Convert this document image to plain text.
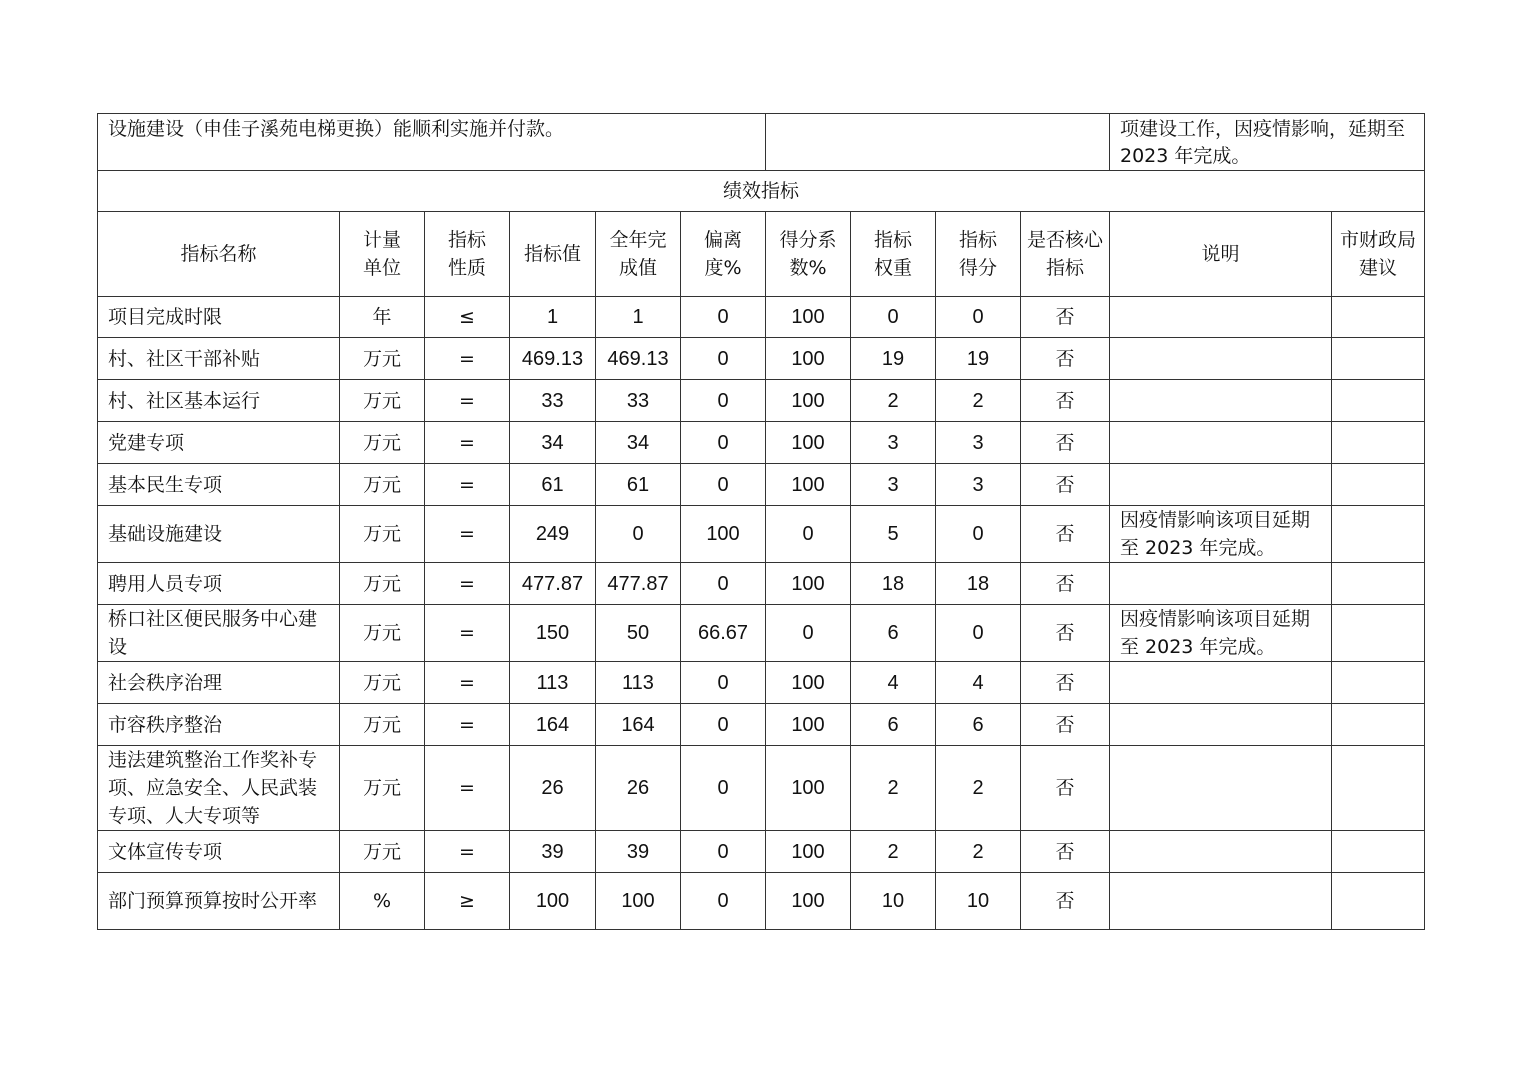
设施建设（申佳子溪苑电梯更换）能顺利实施并付款。										项建设工作，因疫情影响，延期至 2023 年完成。	
绩效指标											
指标名称	计量单位	指标性质	指标值	全年完成值	偏离度%	得分系数%	指标权重	指标得分	是否核心指标	说明	市财政局建议

项目完成时限	年	≤	1	1	0	100	0	0	否		
村、社区干部补贴	万元	=	469.13	469.13	0	100	19	19	否		
村、社区基本运行	万元	=	33	33	0	100	2	2	否		
党建专项	万元	=	34	34	0	100	3	3	否		
基本民生专项	万元	=	61	61	0	100	3	3	否		
基础设施建设	万元	=	249	0	100	0	5	0	否	因疫情影响该项目延期至 2023 年完成。	
聘用人员专项	万元	=	477.87	477.87	0	100	18	18	否		
桥口社区便民服务中心建设	万元	=	150	50	66.67	0	6	0	否	因疫情影响该项目延期至 2023 年完成。	
社会秩序治理	万元	=	113	113	0	100	4	4	否		
市容秩序整治	万元	=	164	164	0	100	6	6	否		
违法建筑整治工作奖补专项、应急安全、人民武装专项、人大专项等	万元	=	26	26	0	100	2	2	否		
文体宣传专项	万元	=	39	39	0	100	2	2	否		
部门预算预算按时公开率	%	≥	100	100	0	100	10	10	否		
